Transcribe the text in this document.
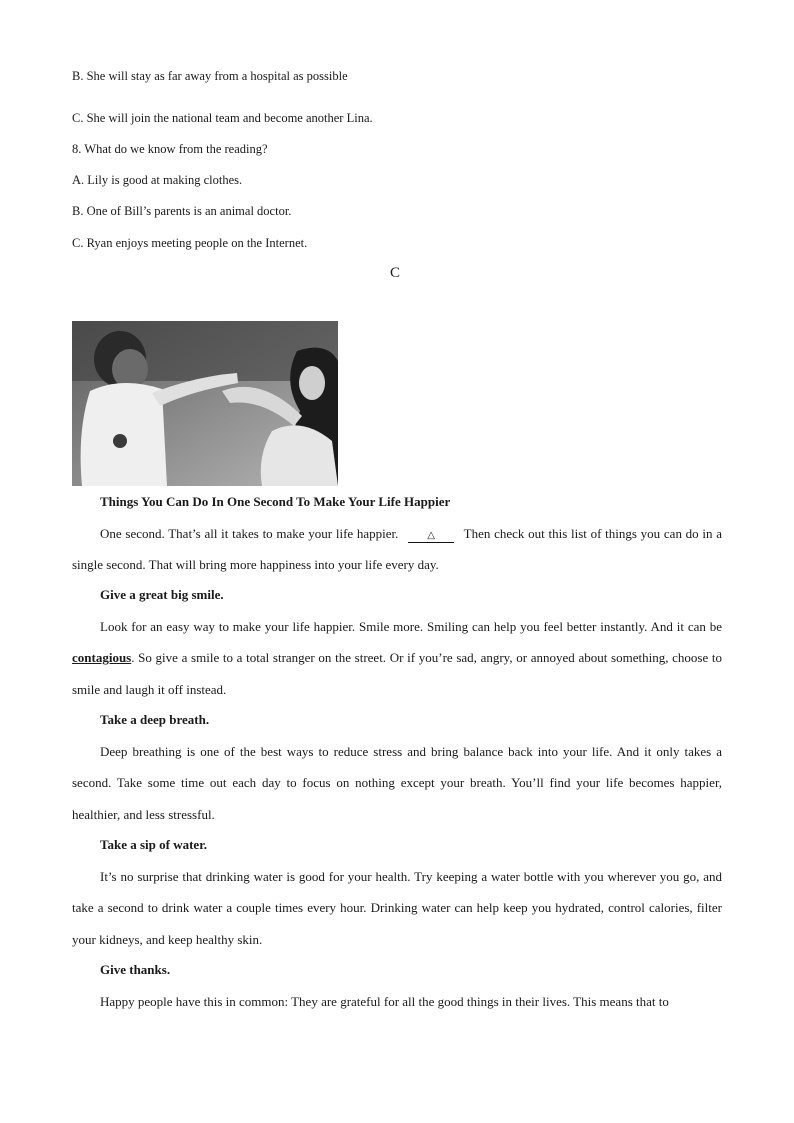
B. She will stay as far away from a hospital as possible
C. She will join the national team and become another Lina.
8. What do we know from the reading?
A. Lily is good at making clothes.
B. One of Bill’s parents is an animal doctor.
C. Ryan enjoys meeting people on the Internet.
C
Things You Can Do In One Second To Make Your Life Happier
One second. That’s all it takes to make your life happier.	△ Then check out this list of things you can do in a single second. That will bring more happiness into your life every day.
Give a great big smile.
Look for an easy way to make your life happier. Smile more. Smiling can help you feel better instantly. And it can be contagious. So give a smile to a total stranger on the street. Or if you’re sad, angry, or annoyed about something, choose to smile and laugh it off instead.
Take a deep breath.
Deep breathing is one of the best ways to reduce stress and bring balance back into your life. And it only takes a second. Take some time out each day to focus on nothing except your breath. You’ll find your life becomes happier, healthier, and less stressful.
Take a sip of water.
It’s no surprise that drinking water is good for your health. Try keeping a water bottle with you wherever you go, and take a second to drink water a couple times every hour. Drinking water can help keep you hydrated, control calories, filter your kidneys, and keep healthy skin.
Give thanks.
Happy people have this in common: They are grateful for all the good things in their lives. This means that to
